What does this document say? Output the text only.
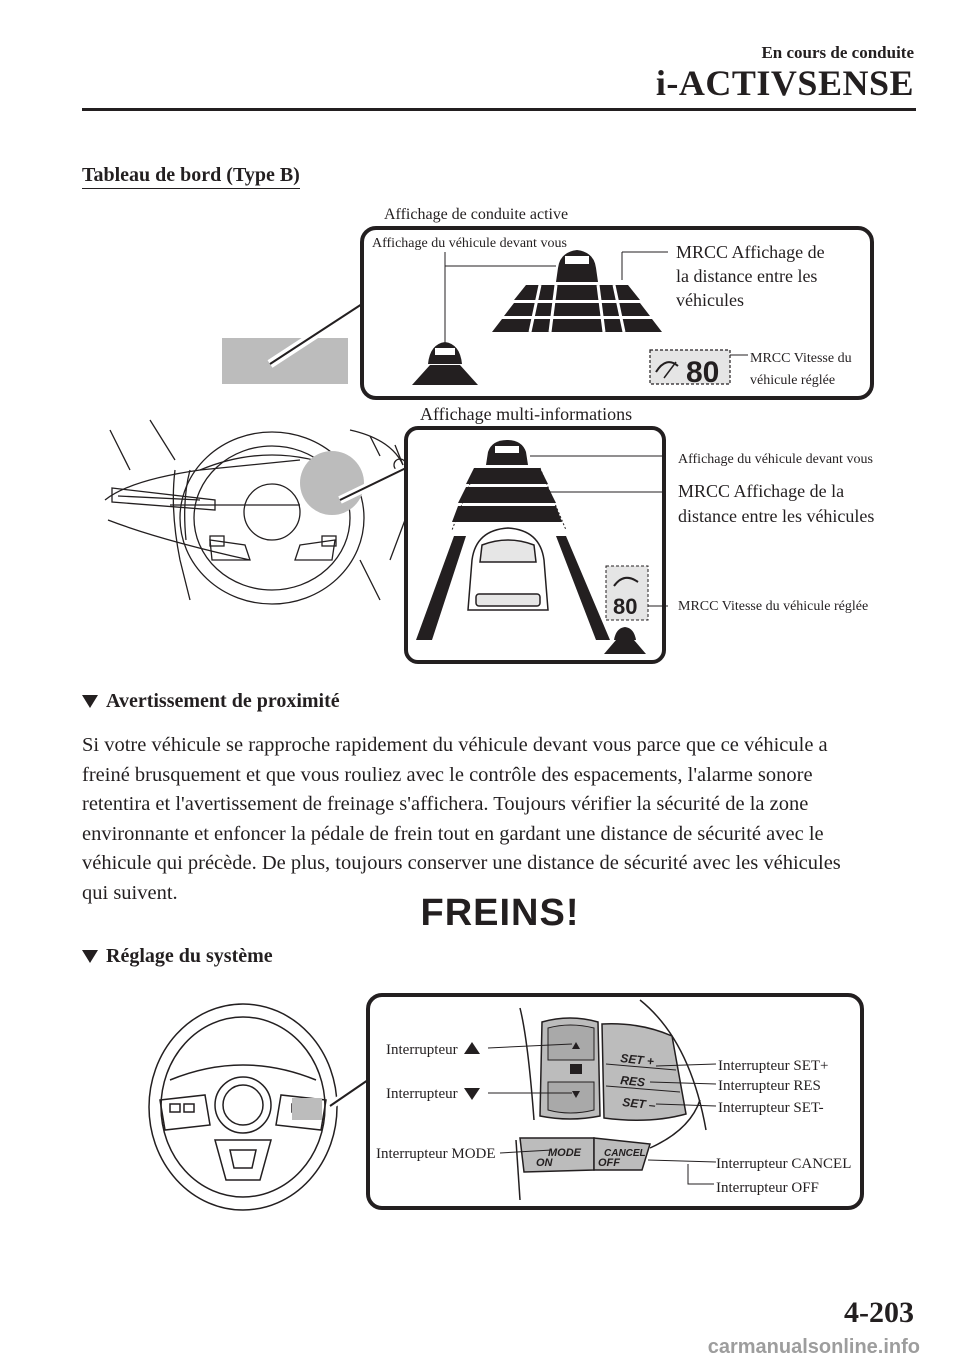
En cours de conduite
i-ACTIVSENSE
Tableau de bord (Type B)
Affichage de conduite active
Affichage du véhicule devant vous	MRCC Affichage de
la distance entre les
véhicules
80 MRCC Vitesse du
véhicule réglée
Affichage multi-informations
80
Affichage du véhicule devant vous
MRCC Affichage de la
distance entre les véhicules
MRCC Vitesse du véhicule réglée
Avertissement de proximité
Si votre véhicule se rapproche rapidement du véhicule devant vous parce que ce véhicule a
freiné brusquement et que vous rouliez avec le contrôle des espacements, l'alarme sonore
retentira et l'avertissement de freinage s'affichera. Toujours vérifier la sécurité de la zone
environnante et enfoncer la pédale de frein tout en gardant une distance de sécurité avec le
véhicule qui précède. De plus, toujours conserver une distance de sécurité avec les véhicules
qui suivent.	FREINS!
Réglage du système
SET +
RES
SET –
MODE
ON
CANCEL
OFF
Interrupteur
Interrupteur
Interrupteur MODE
Interrupteur SET+
Interrupteur RES
Interrupteur SET-
Interrupteur CANCEL
Interrupteur OFF
4-203
carmanualsonline.info
